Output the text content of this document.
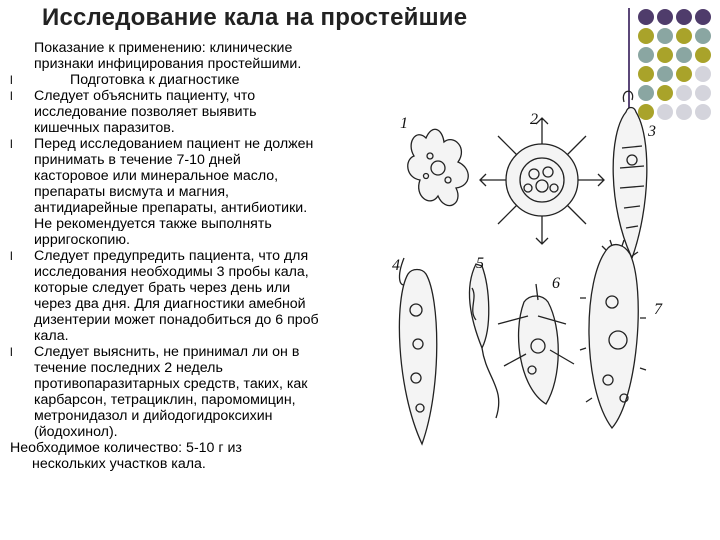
Исследование кала на простейшие

Показание к применению: клинические

признаки инфицирования простейшими.

l	Подготовка к диагностике

l Следует объяснить пациенту, что

исследование позволяет выявить

кишечных паразитов.

l Перед исследованием пациент не должен

принимать в течение 7-10 дней

касторовое или минеральное масло,

препараты висмута и магния,

антидиарейные препараты, антибиотики.

Не рекомендуется также выполнять

ирригоскопию.

l Следует предупредить пациента, что для

исследования необходимы 3 пробы кала,

которые следует брать через день или

через два дня. Для диагностики амебной

дизентерии может понадобиться до 6 проб

кала.

l Следует выяснить, не принимал ли он в

течение последних 2 недель

противопаразитарных средств, таких, как

карбарсон, тетрациклин, паромомицин,

метронидазол и дийодогидроксихин

(йодохинол).

Необходимое количество: 5-10 г из

нескольких участков кала.

1	2
3
4	5
6
7
